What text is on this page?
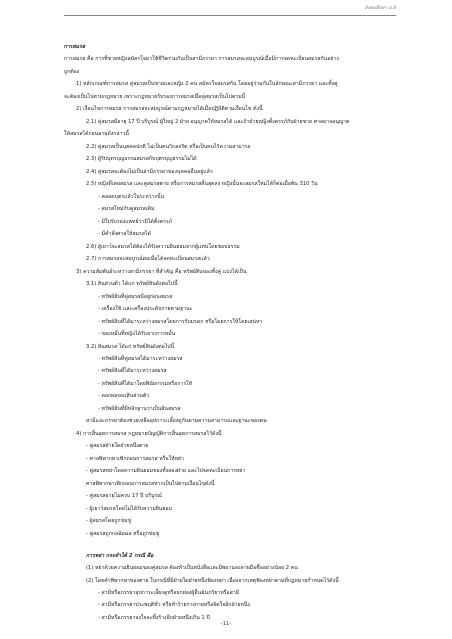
สังคมศึกษา ม.4
การสมรส
การสมรส คือ การที่ชายหญิงสมัครใจมาใช้ชีวิตร่วมกันเป็นสามีภรรยา การสมรสจะสมบูรณ์เมื่อมีการจดทะเบียนสมรสกันอย่าง
ถูกต้อง
1) หลักเกณฑ์การสมรส คู่สมรสเป็นชายและหญิง 2 คน สมัครใจสมรสกัน โดยอยู่ร่วมกันในลักษณะสามีภรรยา และทั้งคู่
จะต้องเป็นไปตามกฎหมาย เพราะกฎหมายรับรองการสมรสเมื่อคู่สมรสเป็นไปตามนี้
2) เงื่อนไขการสมรส การสมรสจะสมบูรณ์ตามกฎหมายได้เมื่อปฏิบัติตามเงื่อนไข ดังนี้
2.1) คู่สมรสมีอายุ 17 ปี บริบูรณ์ ผู้ใหญ่ 2 ฝ่าย อนุญาตให้สมรสได้ และถ้าฝ่ายหญิงตั้งครรภ์กับฝ่ายชาย ศาลอาจอนุญาต
ให้สมรสได้ก่อนอายุดังกล่าวนี้
2.2) คู่สมรสเป็นบุคคลปกติ ไม่เป็นคนวิกลจริต หรือเป็นคนไร้ความสามารถ
2.3) ผู้รับบุตรบุญธรรมสมรสกับบุตรบุญธรรมไม่ได้
2.4) คู่สมรสจะต้องไม่เป็นสามีภรรยาของบุคคลอื่นอยู่แล้ว
2.5) หญิงที่เคยสมรส และคู่สมรสตาย หรือการสมรสสิ้นสุดลง หญิงนั้นจะสมรสใหม่ได้ก็ต่อเมื่อพ้น 310 วัน
- คลอดบุตรแล้วในระหว่างนั้น
- สมรสใหม่กับคู่สมรสเดิม
- มีใบรับรองแพทย์ว่ามิได้ตั้งครรภ์
- มีคำสั่งศาลให้สมรสได้
2.6) ผู้เยาว์จะสมรสได้ต้องได้รับความยินยอมจากผู้แทนโดยชอบธรรม
2.7) การสมรสจะสมบูรณ์ต่อเมื่อได้จดทะเบียนสมรสแล้ว
3) ความสัมพันธ์ระหว่างสามีภรรยา ที่สำคัญ คือ ทรัพย์สินของทั้งคู่ แบ่งได้เป็น
3.1) สินส่วนตัว ได้แก่ ทรัพย์สินดังต่อไปนี้
- ทรัพย์สินที่คู่สมรสมีอยู่ก่อนสมรส
- เครื่องใช้ และเครื่องประดับกายตามฐานะ
- ทรัพย์สินที่ได้มาระหว่างสมรสโดยการรับมรดก หรือโดยการให้โดยเสน่หา
- ของหมั้นที่หญิงได้รับจากการหมั้น
3.2) สินสมรส ได้แก่ ทรัพย์สินดังต่อไปนี้
- ทรัพย์สินที่คู่สมรสได้มาระหว่างสมรส
- ทรัพย์สินที่ได้มาระหว่างสมรส
- ทรัพย์สินที่ได้มาโดยพินัยกรรมหรือการให้
- ดอกผลของสินส่วนตัว
- ทรัพย์สินที่มีหลักฐานว่าเป็นสินสมรส
สามีและภรรยาต้องช่วยเหลืออุปการะเลี้ยงดูกันตามความสามารถและฐานะของตน
4) การสิ้นสุดการสมรส กฎหมายบัญญัติการสิ้นสุดการสมรสไว้ดังนี้
- คู่สมรสฝ่ายใดฝ่ายหนึ่งตาย
- ศาลพิพากษาเพิกถอนการสมรส หรือให้หย่า
- คู่สมรสหย่าโดยความยินยอมของทั้งสองฝ่าย และไปจดทะเบียนการหย่า
ศาลพิพากษาเพิกถอนการสมรสหากเป็นไปตามเงื่อนไขดังนี้
- คู่สมรสอายุไม่ครบ 17 ปี บริบูรณ์
- ผู้เยาว์สมรสโดยไม่ได้รับความยินยอม
- ผู้สมรสโดยถูกข่มขู่
- คู่สมรสถูกกลฉ้อฉล หรือถูกข่มขู่
การหย่า กระทำได้ 2 กรณี คือ
(1) หย่าด้วยความยินยอมของคู่สมรส ต้องทำเป็นหนังสือและมีพยานลงลายมือชื่ออย่างน้อย 2 คน
(2) โดยคำพิพากษาของศาล ในกรณีที่มีฝ่ายใดฝ่ายหนึ่งฟ้องหย่า เนื่องจากเหตุฟ้องหย่าตามที่กฎหมายกำหนดไว้ดังนี้
- สามีหรือภรรยาอุปการะเลี้ยงดูหรือยกย่องผู้อื่นฉันภริยาหรือสามี
- สามีหรือภรรยาประพฤติชั่ว หรือทำร้ายร่างกายหรือจิตใจอีกฝ่ายหนึ่ง
- สามีหรือภรรยาจงใจละทิ้งร้างอีกฝ่ายหนึ่งเกิน 1 ปี
-11-
